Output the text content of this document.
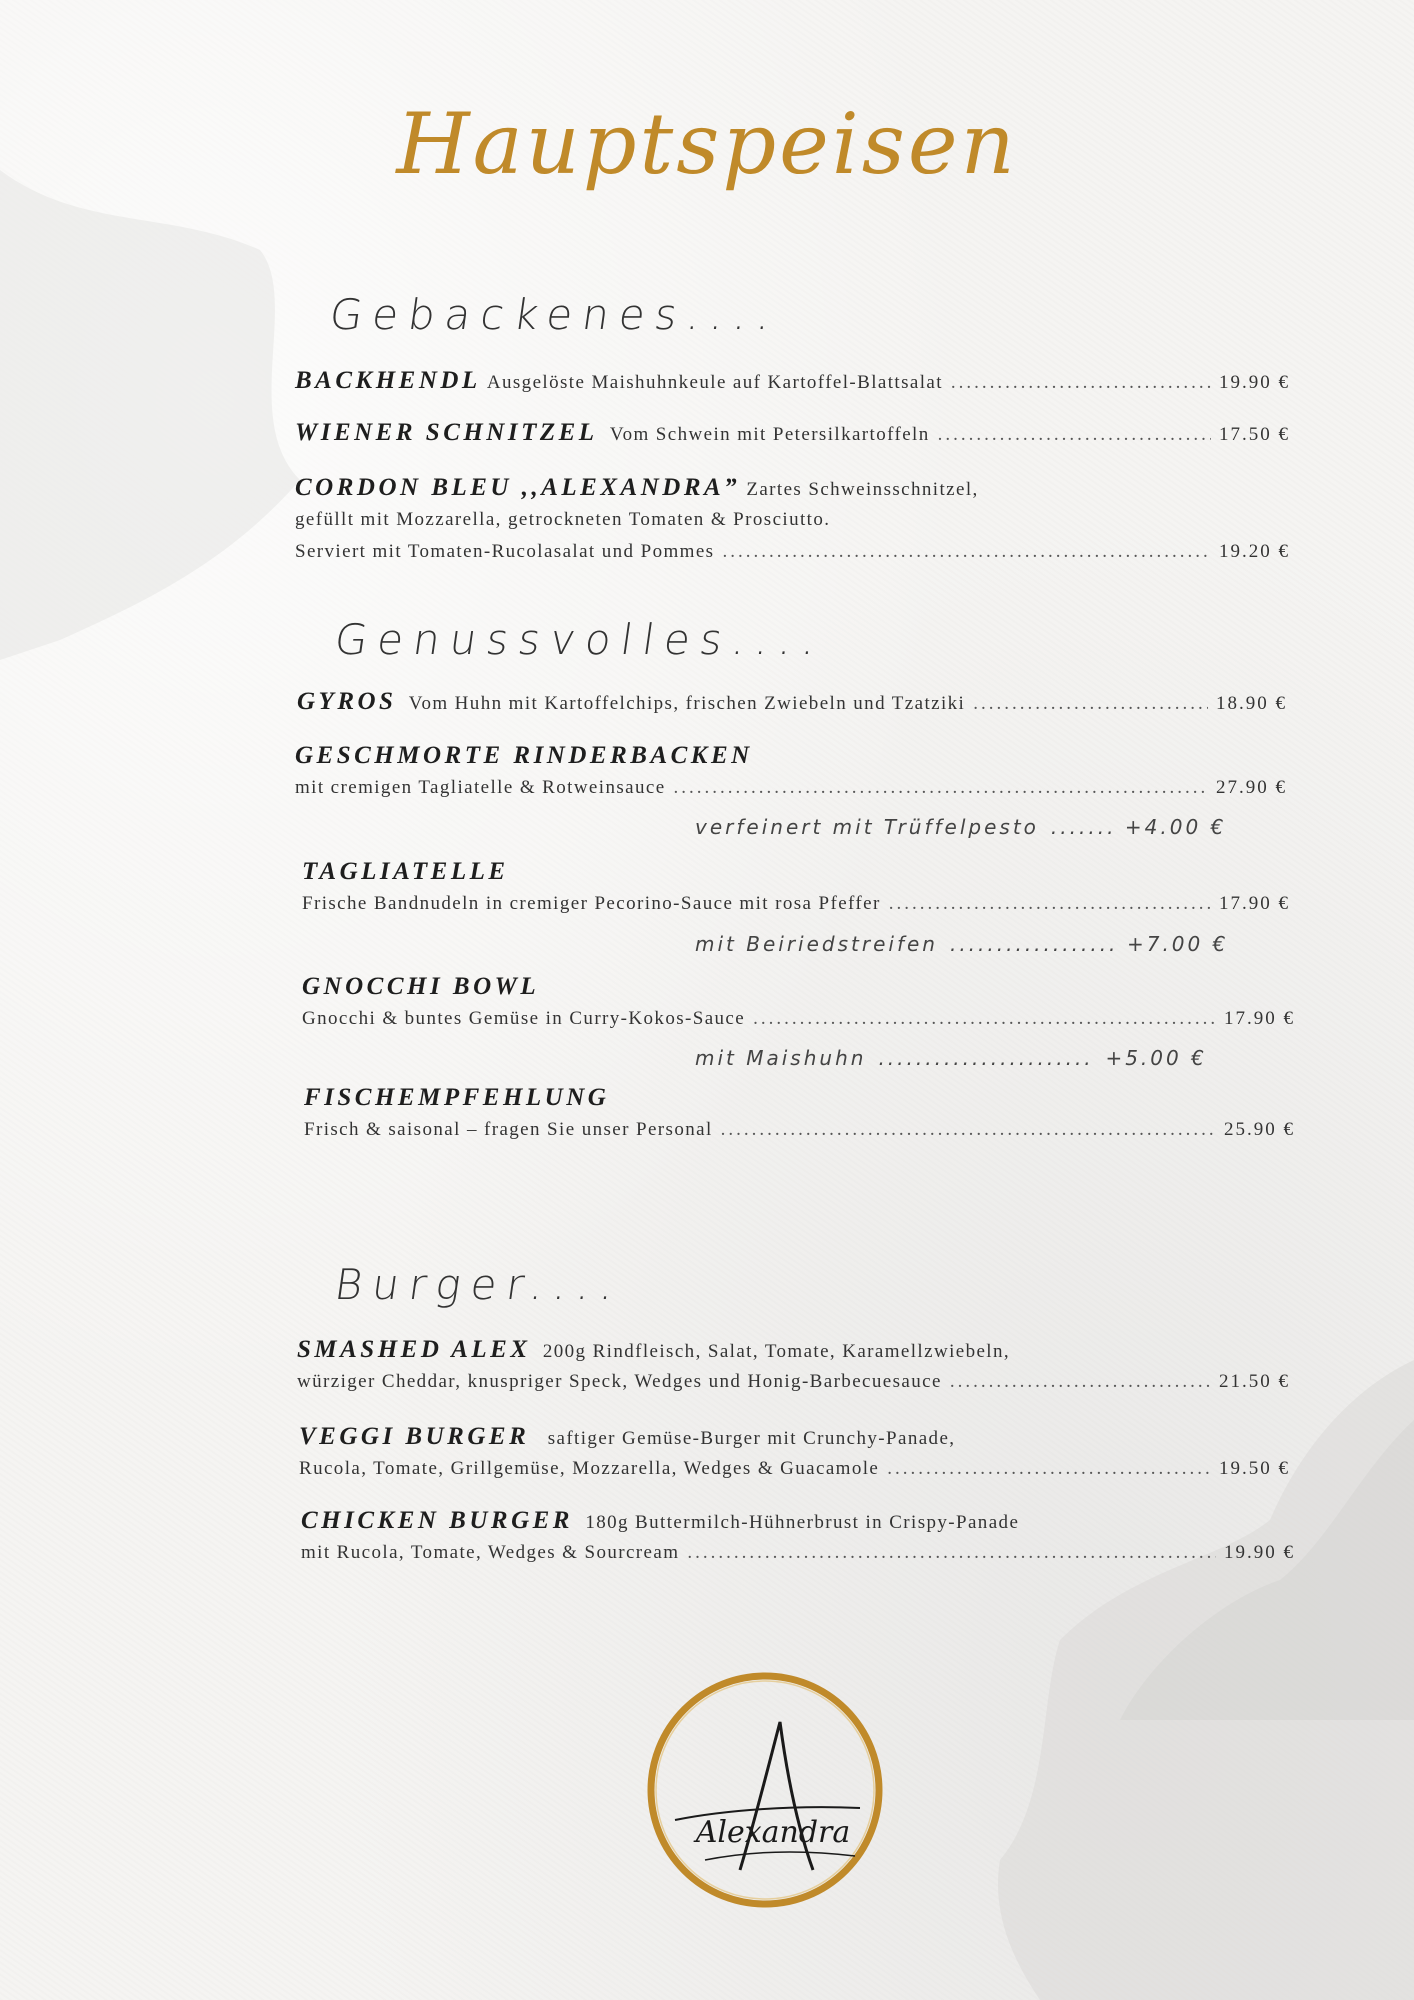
Hauptspeisen
Gebackenes....
BACKHENDL Ausgelöste Maishuhnkeule auf Kartoffel-Blattsalat .....	19.90 €
WIENER SCHNITZEL Vom Schwein mit Petersilkartoffeln .....	17.50 €
CORDON BLEU ,,ALEXANDRA” Zartes Schweinsschnitzel,
gefüllt mit Mozzarella, getrockneten Tomaten & Prosciutto.
Serviert mit Tomaten-Rucolasalat und Pommes .....	19.20 €
Genussvolles....
GYROS Vom Huhn mit Kartoffelchips, frischen Zwiebeln und Tzatziki .....	18.90 €
GESCHMORTE RINDERBACKEN
mit cremigen Tagliatelle & Rotweinsauce .....	27.90 €
verfeinert mit Trüffelpesto .....	+4.00 €
TAGLIATELLE
Frische Bandnudeln in cremiger Pecorino-Sauce mit rosa Pfeffer .....	17.90 €
mit Beiriedstreifen .....	+7.00 €
GNOCCHI BOWL
Gnocchi & buntes Gemüse in Curry-Kokos-Sauce .....	17.90 €
mit Maishuhn .....	+5.00 €
FISCHEMPFEHLUNG
Frisch & saisonal – fragen Sie unser Personal .....	25.90 €
Burger....
SMASHED ALEX 200g Rindfleisch, Salat, Tomate, Karamellzwiebeln,
würziger Cheddar, knuspriger Speck, Wedges und Honig-Barbecuesauce .....	21.50 €
VEGGI BURGER saftiger Gemüse-Burger mit Crunchy-Panade,
Rucola, Tomate, Grillgemüse, Mozzarella, Wedges & Guacamole .....	19.50 €
CHICKEN BURGER 180g Buttermilch-Hühnerbrust in Crispy-Panade
mit Rucola, Tomate, Wedges & Sourcream .....	19.90 €
Alexandra
